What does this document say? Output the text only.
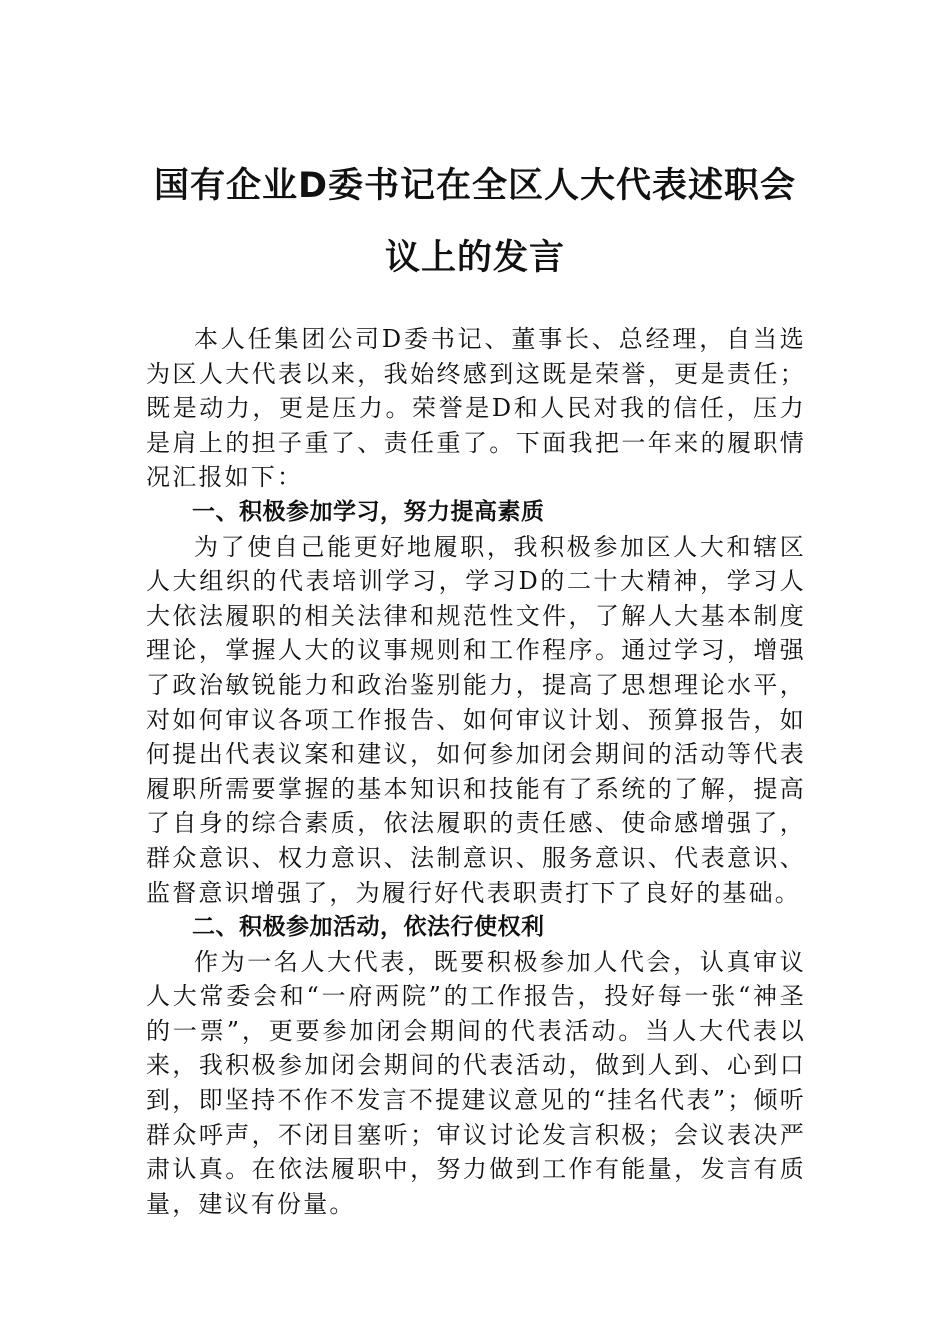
国有企业D委书记在全区人大代表述职会
议上的发言

本人任集团公司D委书记、董事长、总经理，自当选为区人大代表以来，我始终感到这既是荣誉，更是责任；既是动力，更是压力。荣誉是D和人民对我的信任，压力是肩上的担子重了、责任重了。下面我把一年来的履职情况汇报如下：

一、积极参加学习，努力提高素质

为了使自己能更好地履职，我积极参加区人大和辖区人大组织的代表培训学习，学习D的二十大精神，学习人大依法履职的相关法律和规范性文件，了解人大基本制度理论，掌握人大的议事规则和工作程序。通过学习，增强了政治敏锐能力和政治鉴别能力，提高了思想理论水平，对如何审议各项工作报告、如何审议计划、预算报告，如何提出代表议案和建议，如何参加闭会期间的活动等代表履职所需要掌握的基本知识和技能有了系统的了解，提高了自身的综合素质，依法履职的责任感、使命感增强了，群众意识、权力意识、法制意识、服务意识、代表意识、监督意识增强了，为履行好代表职责打下了良好的基础。

二、积极参加活动，依法行使权利

作为一名人大代表，既要积极参加人代会，认真审议人大常委会和“一府两院”的工作报告，投好每一张“神圣的一票”，更要参加闭会期间的代表活动。当人大代表以来，我积极参加闭会期间的代表活动，做到人到、心到口到，即坚持不作不发言不提建议意见的“挂名代表”；倾听群众呼声，不闭目塞听；审议讨论发言积极；会议表决严肃认真。在依法履职中，努力做到工作有能量，发言有质量，建议有份量。
